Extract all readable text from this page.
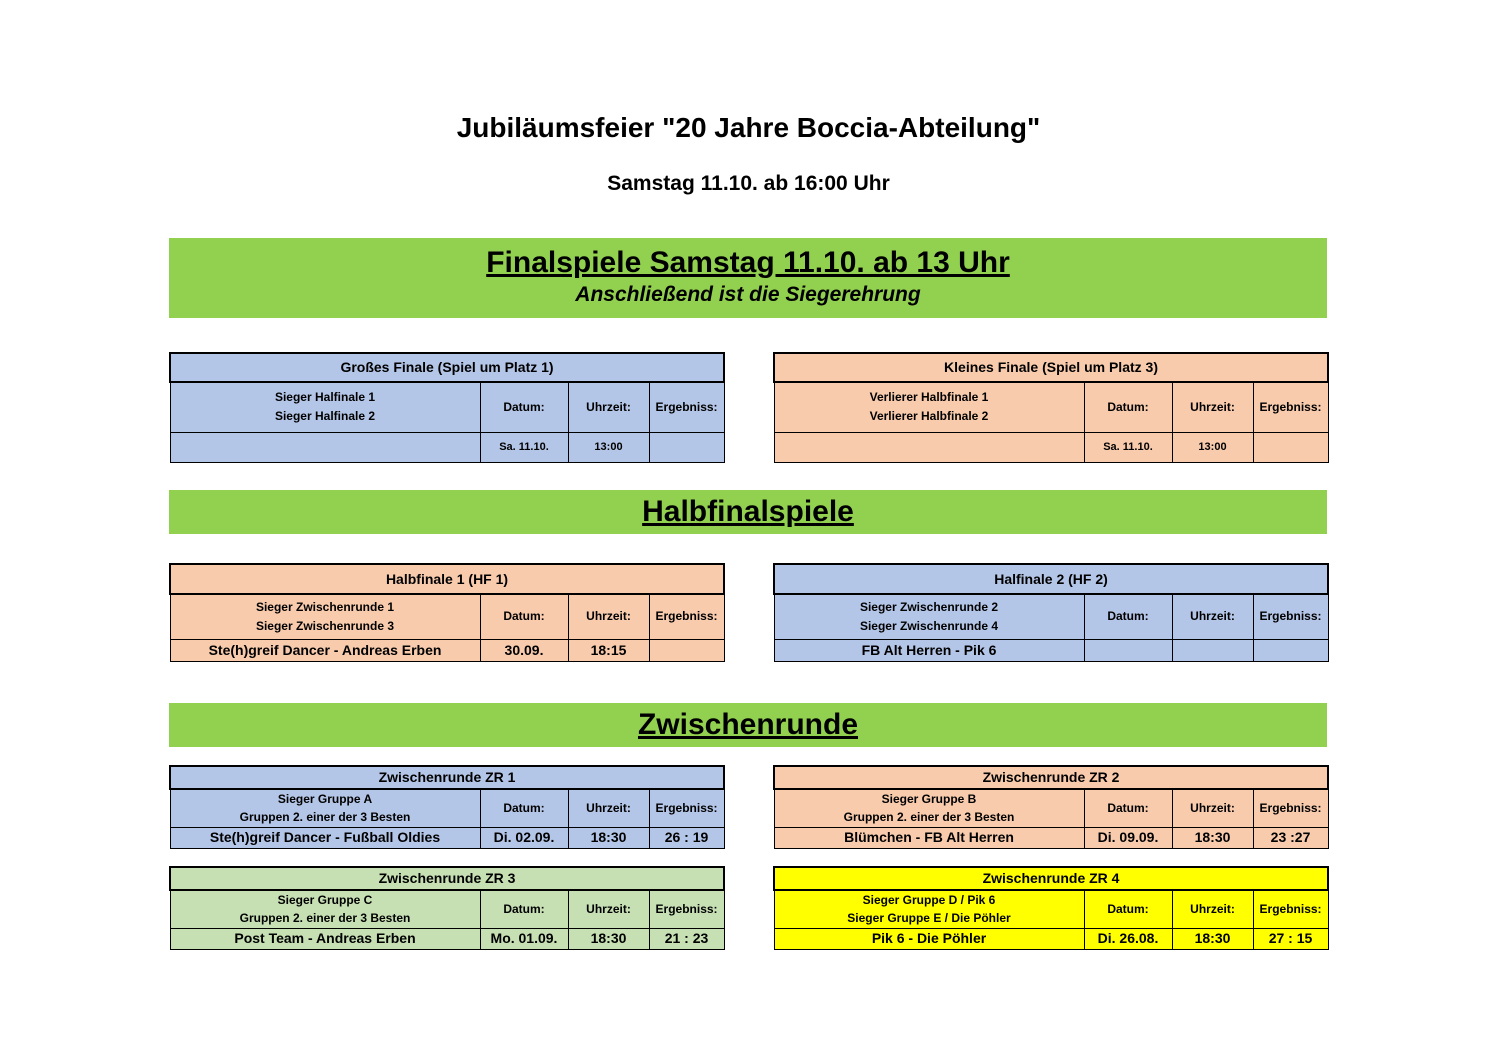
Jubiläumsfeier "20 Jahre Boccia-Abteilung"
Samstag 11.10. ab 16:00 Uhr
Finalspiele Samstag 11.10. ab 13 Uhr
Anschließend ist die Siegerehrung
Großes Finale (Spiel um Platz 1)			

Sieger Halfinale 1
Sieger Halfinale 2	Datum:	Uhrzeit:	Ergebniss:
	Sa. 11.10.	13:00	
Kleines Finale (Spiel um Platz 3)			

Verlierer Halbfinale 1
Verlierer Halbfinale 2	Datum:	Uhrzeit:	Ergebniss:
	Sa. 11.10.	13:00	
Halbfinalspiele
Halbfinale 1 (HF 1)			

Sieger Zwischenrunde 1
Sieger Zwischenrunde 3	Datum:	Uhrzeit:	Ergebniss:
Ste(h)greif Dancer - Andreas Erben	30.09.	18:15	
Halfinale 2 (HF 2)			

Sieger Zwischenrunde 2
Sieger Zwischenrunde 4	Datum:	Uhrzeit:	Ergebniss:
FB Alt Herren - Pik 6			
Zwischenrunde
Zwischenrunde ZR 1			

Sieger Gruppe A
Gruppen 2. einer der 3 Besten	Datum:	Uhrzeit:	Ergebniss:
Ste(h)greif Dancer - Fußball Oldies	Di. 02.09.	18:30	26 : 19
Zwischenrunde ZR 2			

Sieger Gruppe B
Gruppen 2. einer der 3 Besten	Datum:	Uhrzeit:	Ergebniss:
Blümchen - FB Alt Herren	Di. 09.09.	18:30	23 :27
Zwischenrunde ZR 3			

Sieger Gruppe C
Gruppen 2. einer der 3 Besten	Datum:	Uhrzeit:	Ergebniss:
Post Team - Andreas Erben	Mo. 01.09.	18:30	21 : 23
Zwischenrunde ZR 4			

Sieger Gruppe D / Pik 6
Sieger Gruppe E / Die Pöhler	Datum:	Uhrzeit:	Ergebniss:
Pik 6 - Die Pöhler	Di. 26.08.	18:30	27 : 15
